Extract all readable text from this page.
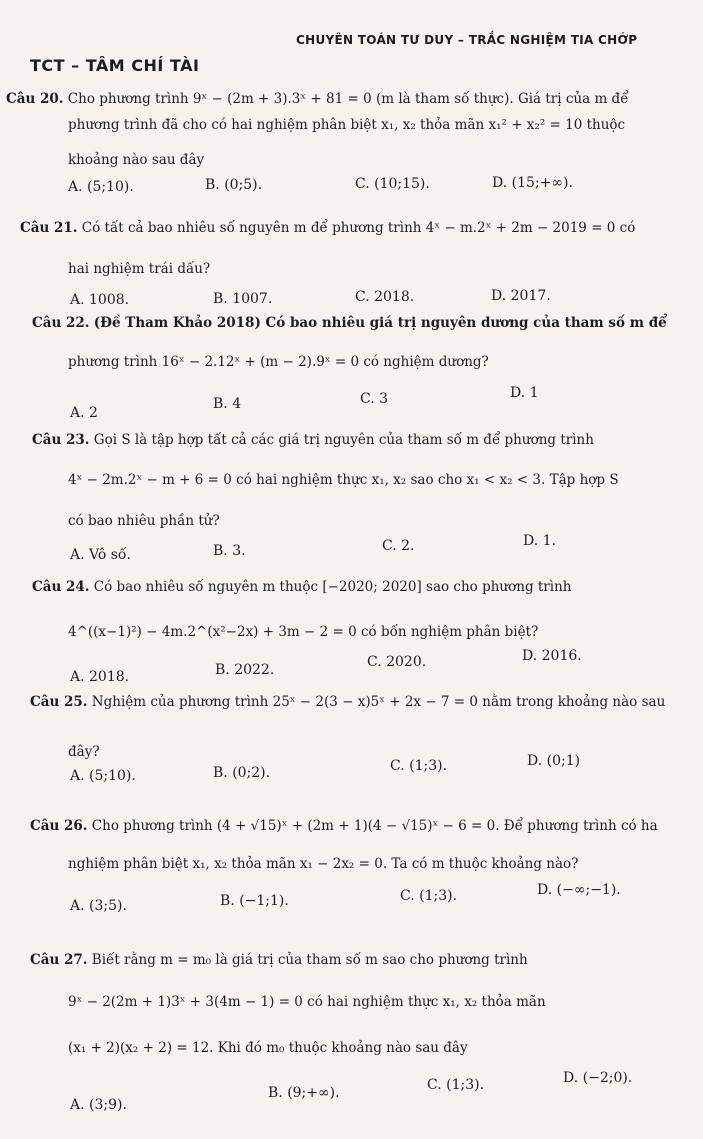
TCT – TÂM CHÍ TÀI
CHUYÊN TOÁN TƯ DUY – TRẮC NGHIỆM TIA CHỚP
Câu 20. Cho phương trình 9ˣ − (2m + 3).3ˣ + 81 = 0 (m là tham số thực). Giá trị của m để
phương trình đã cho có hai nghiệm phân biệt x₁, x₂ thỏa mãn x₁² + x₂² = 10 thuộc
khoảng nào sau đây
A. (5;10).	B. (0;5).	C. (10;15).	D. (15;+∞).
Câu 21. Có tất cả bao nhiêu số nguyên m để phương trình 4ˣ − m.2ˣ + 2m − 2019 = 0 có
hai nghiệm trái dấu?
A. 1008.	B. 1007.	C. 2018.	D. 2017.
Câu 22. (Đề Tham Khảo 2018) Có bao nhiêu giá trị nguyên dương của tham số m để
phương trình 16ˣ − 2.12ˣ + (m − 2).9ˣ = 0 có nghiệm dương?
A. 2
B. 4	C. 3	D. 1
Câu 23. Gọi S là tập hợp tất cả các giá trị nguyên của tham số m để phương trình
4ˣ − 2m.2ˣ − m + 6 = 0 có hai nghiệm thực x₁, x₂ sao cho x₁ < x₂ < 3. Tập hợp S
có bao nhiêu phần tử?
A. Vô số.	B. 3.	C. 2.	D. 1.
Câu 24. Có bao nhiêu số nguyên m thuộc [−2020; 2020] sao cho phương trình
4^((x−1)²) − 4m.2^(x²−2x) + 3m − 2 = 0 có bốn nghiệm phân biệt?
A. 2018.	B. 2022.	C. 2020.	D. 2016.
Câu 25. Nghiệm của phương trình 25ˣ − 2(3 − x)5ˣ + 2x − 7 = 0 nằm trong khoảng nào sau
đây?
A. (5;10).	B. (0;2).	C. (1;3).	D. (0;1)
Câu 26. Cho phương trình (4 + √15)ˣ + (2m + 1)(4 − √15)ˣ − 6 = 0. Để phương trình có ha
nghiệm phân biệt x₁, x₂ thỏa mãn x₁ − 2x₂ = 0. Ta có m thuộc khoảng nào?
A. (3;5).	B. (−1;1).	C. (1;3).	D. (−∞;−1).
Câu 27. Biết rằng m = m₀ là giá trị của tham số m sao cho phương trình
9ˣ − 2(2m + 1)3ˣ + 3(4m − 1) = 0 có hai nghiệm thực x₁, x₂ thỏa mãn
(x₁ + 2)(x₂ + 2) = 12. Khi đó m₀ thuộc khoảng nào sau đây
A. (3;9).
B. (9;+∞).	C. (1;3).	D. (−2;0).
